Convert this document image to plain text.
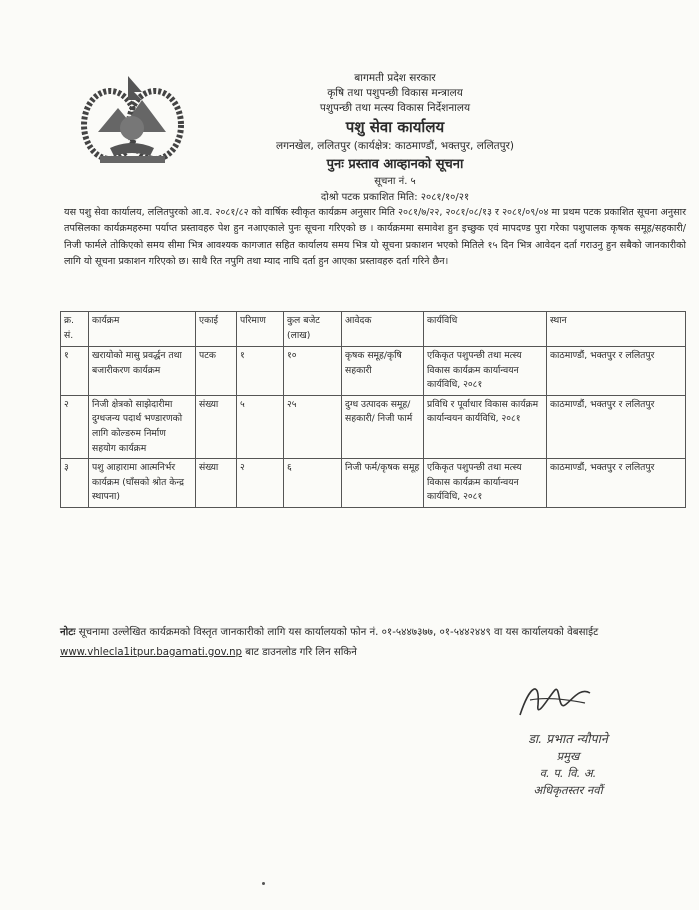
बागमती प्रदेश सरकार
कृषि तथा पशुपन्छी विकास मन्त्रालय
पशुपन्छी तथा मत्स्य विकास निर्देशनालय
पशु सेवा कार्यालय
लगनखेल, ललितपुर (कार्यक्षेत्र: काठमाण्डौं, भक्तपुर, ललितपुर)
पुनः प्रस्ताव आव्हानको सूचना
सूचना नं. ५
दोश्रो पटक प्रकाशित मिति: २०८१/१०/२१
यस पशु सेवा कार्यालय, ललितपुरको आ.व. २०८१/८२ को वार्षिक स्वीकृत कार्यक्रम अनुसार मिति २०८१/७/२२, २०८१/०८/१३ र २०८१/०९/०४ मा प्रथम पटक प्रकाशित सूचना अनुसार तपसिलका कार्यक्रमहरुमा पर्याप्त प्रस्तावहरु पेश हुन नआएकाले पुनः सूचना गरिएको छ । कार्यक्रममा समावेश हुन इच्छुक एवं मापदण्ड पुरा गरेका पशुपालक कृषक समूह/सहकारी/निजी फार्मले तोकिएको समय सीमा भित्र आवश्यक कागजात सहित कार्यालय समय भित्र यो सूचना प्रकाशन भएको मितिले १५ दिन भित्र आवेदन दर्ता गराउनु हुन सबैको जानकारीको लागि यो सूचना प्रकाशन गरिएको छ। साथै रित नपुगि तथा म्याद नाघि दर्ता हुन आएका प्रस्तावहरु दर्ता गरिने छैन।
क्र. सं.	कार्यक्रम	एकाई	परिमाण	कुल बजेट (लाख)	आवेदक	कार्यविधि	स्थान
१	खरायोको मासु प्रवर्द्धन तथा बजारीकरण कार्यक्रम	पटक	१	१०	कृषक समूह/कृषि सहकारी	एकिकृत पशुपन्छी तथा मत्स्य विकास कार्यक्रम कार्यान्वयन कार्यविधि, २०८१	काठमाण्डौं, भक्तपुर र ललितपुर
२	निजी क्षेत्रको साझेदारीमा दुग्धजन्य पदार्थ भण्डारणको लागि कोल्डरुम निर्माण सहयोग कार्यक्रम	संख्या	५	२५	दुग्ध उत्पादक समूह/सहकारी/ निजी फार्म	प्रविधि र पूर्वाधार विकास कार्यक्रम कार्यान्वयन कार्यविधि, २०८१	काठमाण्डौं, भक्तपुर र ललितपुर
३	पशु आहारामा आत्मनिर्भर कार्यक्रम (घाँसको श्रोत केन्द्र स्थापना)	संख्या	२	६	निजी फर्म/कृषक समूह	एकिकृत पशुपन्छी तथा मत्स्य विकास कार्यक्रम कार्यान्वयन कार्यविधि, २०८१	काठमाण्डौं, भक्तपुर र ललितपुर
नोटः सूचनामा उल्लेखित कार्यक्रमको विस्तृत जानकारीको लागि यस कार्यालयको फोन नं. ०१-५४४७३७७, ०१-५४४२४४९ वा यस कार्यालयको वेबसाईट www.vhlecla1itpur.bagamati.gov.np बाट डाउनलोड गरि लिन सकिने
डा. प्रभात न्यौपाने
प्रमुख
व. प. वि. अ.
अधिकृतस्तर नवौं
